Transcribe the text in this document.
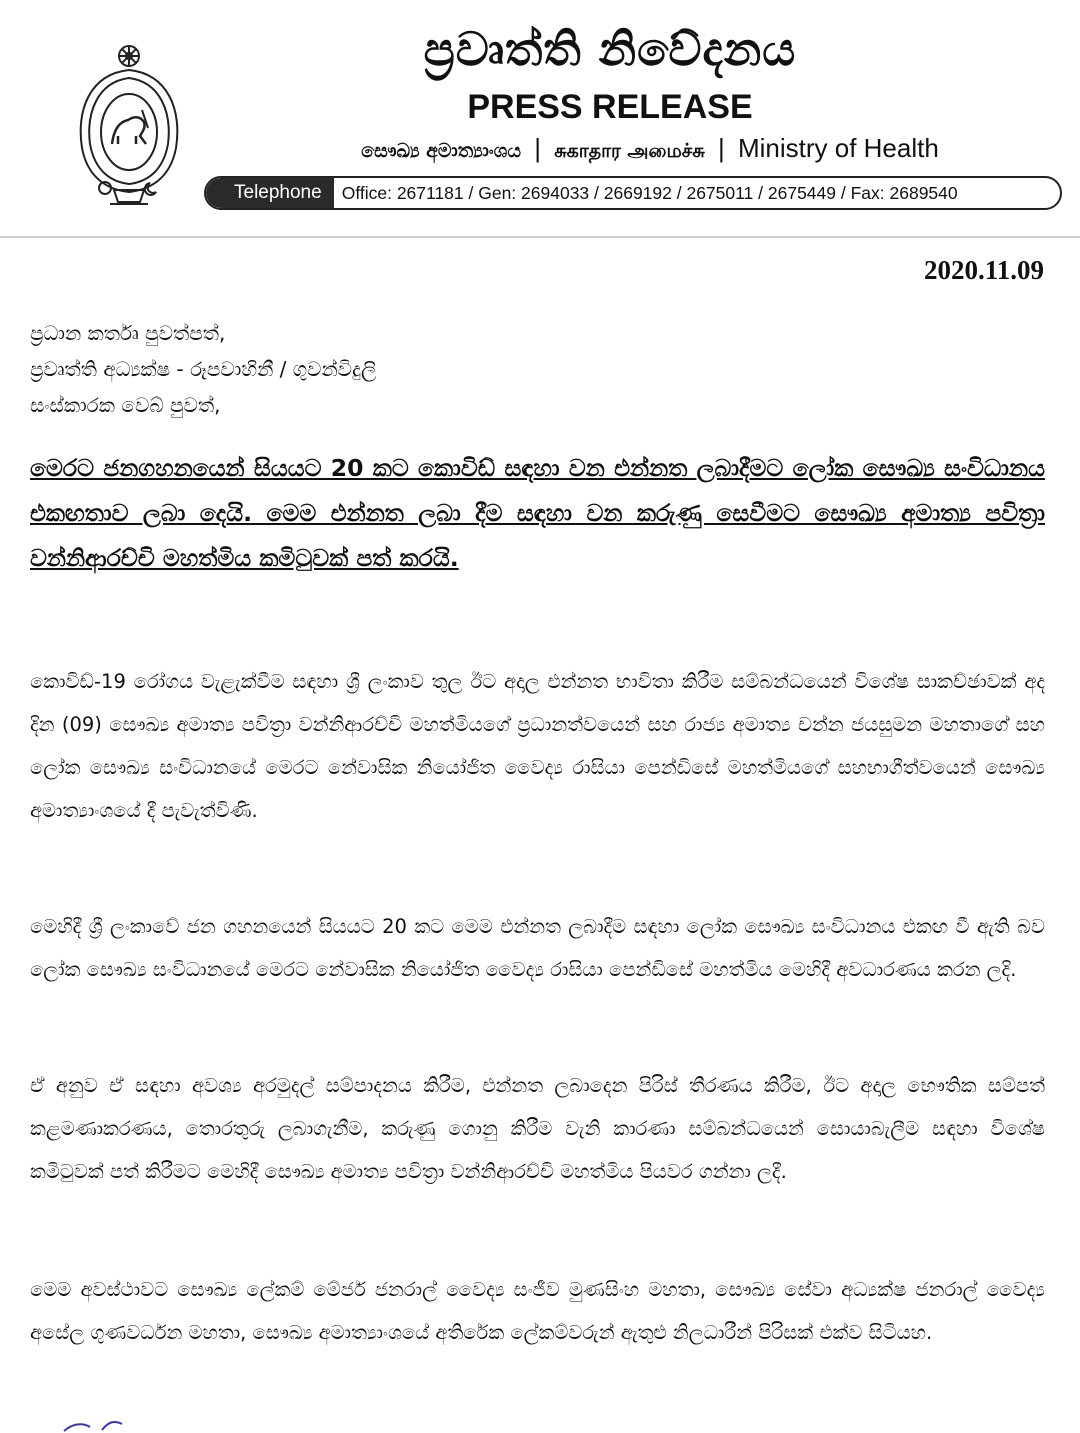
ප්‍රවෘත්ති නිවේදනය
PRESS RELEASE
සෞඛ්‍ය අමාත්‍යාංශය | சுகாதார அமைச்சு | Ministry of Health
Telephone	Office: 2671181 / Gen: 2694033 / 2669192 / 2675011 / 2675449 / Fax: 2689540
2020.11.09
ප්‍රධාන කර්තෘ පුවත්පත්,
ප්‍රවෘත්ති අධ්‍යක්ෂ - රූපවාහිනී / ගුවන්විදුලි
සංස්කාරක වෙබ් පුවත්,
මෙරට ජනගහනයෙන් සියයට 20 කට කොවිඩ් සඳහා වන එන්නත ලබාදීමට ලෝක සෞඛ්‍ය සංවිධානය එකඟතාව ලබා දෙයි. මෙම එන්නත ලබා දීම සඳහා වන කරුණු සෙවීමට සෞඛ්‍ය අමාත්‍ය පවිත්‍රා වන්නිආරච්චි මහත්මිය කමිටුවක් පත් කරයි.
කොවිඩ්-19 රෝගය වැළැක්වීම සඳහා ශ්‍රී ලංකාව තුල ඊට අදාල එන්නත භාවිතා කිරීම සම්බන්ධයෙන් විශේෂ සාකච්ඡාවක් අද දින (09) සෞඛ්‍ය අමාත්‍ය පවිත්‍රා වන්නිආරච්චි මහත්මියගේ ප්‍රධානත්වයෙන් සහ රාජ්‍ය අමාත්‍ය චන්න ජයසුමන මහතාගේ සහ ලෝක සෞඛ්‍ය සංවිධානයේ මෙරට නේවාසික නියෝජිත වෛද්‍ය රාසියා පෙන්ඩිසේ මහත්මියගේ සහභාගීත්වයෙන් සෞඛ්‍ය අමාත්‍යාංශයේ දී පැවැත්විණි.
මෙහිදී ශ්‍රී ලංකාවේ ජන ගහනයෙන් සියයට 20 කට මෙම එන්නත ලබාදීම සඳහා ලෝක සෞඛ්‍ය සංවිධානය එකඟ වී ඇති බව ලෝක සෞඛ්‍ය සංවිධානයේ මෙරට නේවාසික නියෝජිත වෛද්‍ය රාසියා පෙන්ඩිසේ මහත්මිය මෙහිදී අවධාරණය කරන ලදි.
ඒ අනුව ඒ සඳහා අවශ්‍ය අරමුදල් සම්පාදනය කිරීම, එන්නත ලබාදෙන පිරිස් තීරණය කිරීම, ඊට අදාල භෞතික සම්පත් කළමණාකරණය, තොරතුරු ලබාගැනීම, කරුණු ගොනු කිරීම වැනි කාරණා සම්බන්ධයෙන් සොයාබැලීම සඳහා විශේෂ කමිටුවක් පත් කිරීමට මෙහිදී සෞඛ්‍ය අමාත්‍ය පවිත්‍රා වන්නිආරච්චි මහත්මිය පියවර ගන්නා ලදී.
මෙම අවස්ථාවට සෞඛ්‍ය ලේකම් මේජර් ජනරාල් වෛද්‍ය සංජීව මුණසිංහ මහතා, සෞඛ්‍ය සේවා අධ්‍යක්ෂ ජනරාල් වෛද්‍ය අසේල ගුණවර්ධන මහතා, සෞඛ්‍ය අමාත්‍යාංශයේ අතිරේක ලේකම්වරුන් ඇතුළු නිලධාරීන් පිරිසක් එක්ව සිටියහ.
